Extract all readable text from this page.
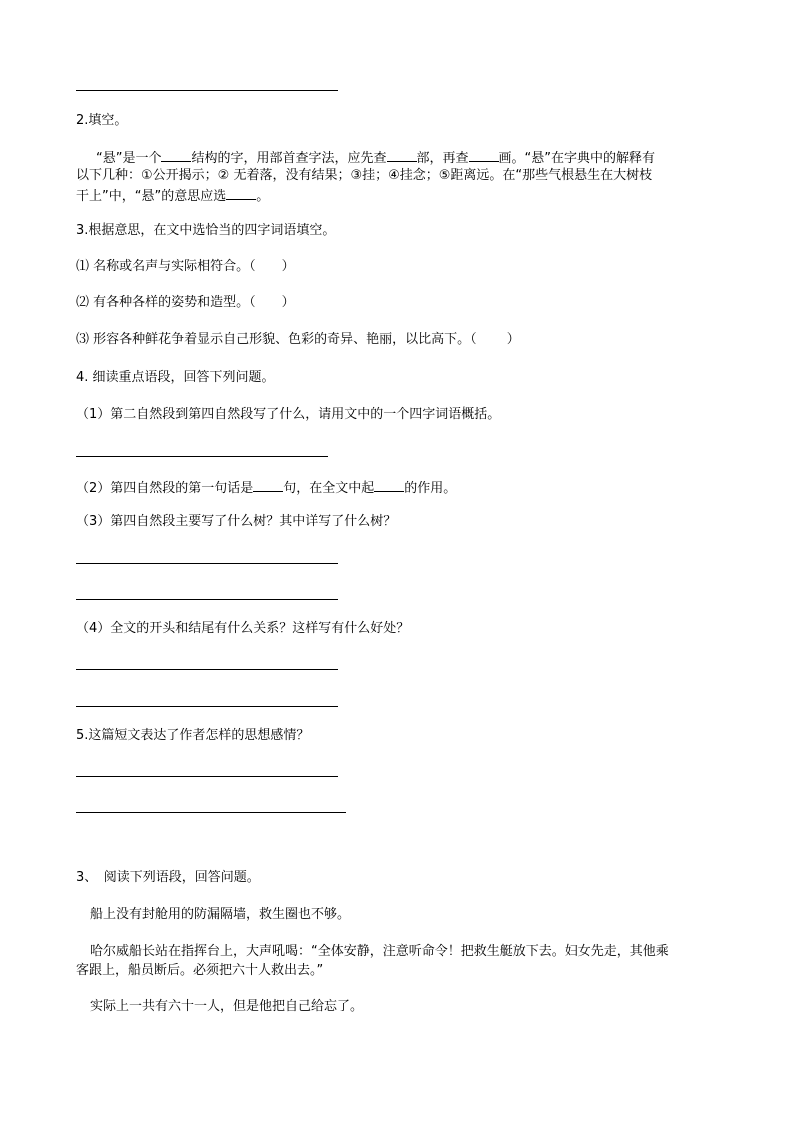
2.填空。
“悬”是一个 结构的字，用部首查字法，应先查 部，再查 画。“悬”在字典中的解释有
以下几种：①公开揭示；② 无着落，没有结果；③挂；④挂念；⑤距离远。在“那些气根悬生在大树枝
干上”中，“悬”的意思应选 。
3.根据意思，在文中选恰当的四字词语填空。
⑴ 名称或名声与实际相符合。（　　）
⑵ 有各种各样的姿势和造型。（　　）
⑶ 形容各种鲜花争着显示自己形貌、色彩的奇异、艳丽，以比高下。（　　 ）
4. 细读重点语段，回答下列问题。
（1）第二自然段到第四自然段写了什么，请用文中的一个四字词语概括。
（2）第四自然段的第一句话是 句，在全文中起 的作用。
（3）第四自然段主要写了什么树？其中详写了什么树？
（4）全文的开头和结尾有什么关系？这样写有什么好处？
5.这篇短文表达了作者怎样的思想感情？
3、　阅读下列语段，回答问题。
船上没有封舱用的防漏隔墙，救生圈也不够。
哈尔威船长站在指挥台上，大声吼喝：“全体安静，注意听命令！把救生艇放下去。妇女先走，其他乘
客跟上，船员断后。必须把六十人救出去。”
实际上一共有六十一人，但是他把自己给忘了。
